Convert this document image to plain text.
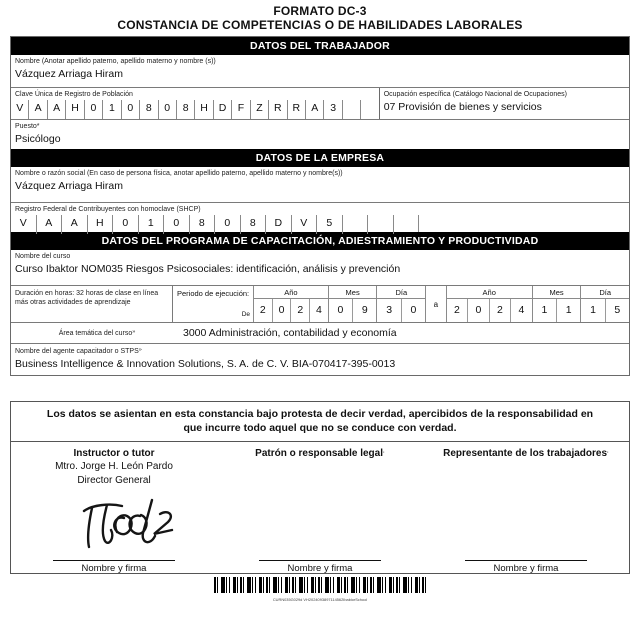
FORMATO DC-3
CONSTANCIA DE COMPETENCIAS O DE HABILIDADES LABORALES
DATOS DEL TRABAJADOR
Nombre (Anotar apellido paterno, apellido materno y nombre (s))
Vázquez Arriaga Hiram
Clave Única de Registro de Población
V	A	A	H	0	1	0	8	0	8	H	D	F	Z	R	R	A	3
Ocupación específica (Catálogo Nacional de Ocupaciones)
07 Provisión de bienes y servicios
Puesto*
Psicólogo
DATOS DE LA EMPRESA
Nombre o razón social (En caso de persona física, anotar apellido paterno, apellido materno y nombre(s))
Vázquez Arriaga Hiram
Registro Federal de Contribuyentes con homoclave (SHCP)
V	A	A	H	0	1	0	8	0	8	D	V	5
DATOS DEL PROGRAMA DE CAPACITACIÓN, ADIESTRAMIENTO Y PRODUCTIVIDAD
Nombre del curso
Curso Ibaktor NOM035 Riesgos Psicosociales: identificación, análisis y prevención
Duración en horas: 32 horas de clase en línea más otras actividades de aprendizaje
Periodo de ejecución:
De
Año	Mes	Día
a
Año	Mes	Día
2	0	2	4	0	9	3	0	2	0	2	4	1	1	1	5
Área temática del curso»	3000 Administración, contabilidad y economía
Nombre del agente capacitador o STPS»
Business Intelligence & Innovation Solutions, S. A. de C. V. BIA-070417-395-0013
Los datos se asientan en esta constancia bajo protesta de decir verdad, apercibidos de la responsabilidad en que incurre todo aquel que no se conduce con verdad.
Instructor o tutor
Mtro. Jorge H. León Pardo
Director General
Nombre y firma
Patrón o responsable legal·
Nombre y firma
Representante de los trabajadores·
Nombre y firma
CURN035G029d VH2024093897114562IbaktorSchool
